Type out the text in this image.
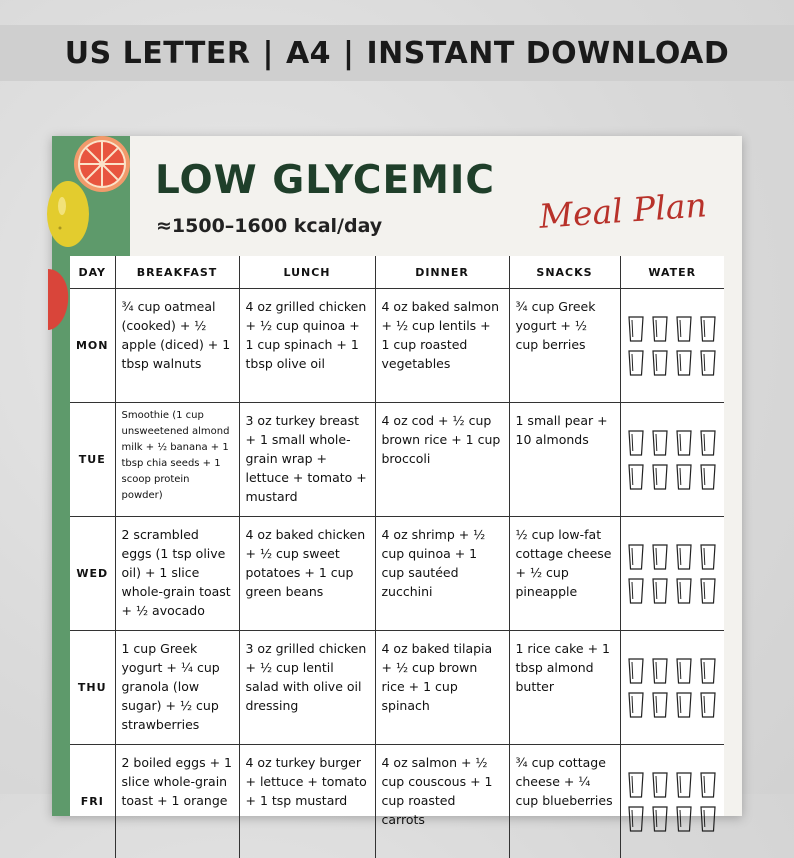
US LETTER | A4 | INSTANT DOWNLOAD
LOW GLYCEMIC
Meal Plan
≈1500–1600 kcal/day
DAY	BREAKFAST	LUNCH	DINNER	SNACKS	WATER
MON	¾ cup oatmeal (cooked) + ½ apple (diced) + 1 tbsp walnuts	4 oz grilled chicken + ½ cup quinoa + 1 cup spinach + 1 tbsp olive oil	4 oz baked salmon + ½ cup lentils + 1 cup roasted vegetables	¾ cup Greek yogurt + ½ cup berries	

TUE	Smoothie (1 cup unsweetened almond milk + ½ banana + 1 tbsp chia seeds + 1 scoop protein powder)	3 oz turkey breast + 1 small whole-grain wrap + lettuce + tomato + mustard	4 oz cod + ½ cup brown rice + 1 cup broccoli	1 small pear + 10 almonds	

WED	2 scrambled eggs (1 tsp olive oil) + 1 slice whole-grain toast + ½ avocado	4 oz baked chicken + ½ cup sweet potatoes + 1 cup green beans	4 oz shrimp + ½ cup quinoa + 1 cup sautéed zucchini	½ cup low-fat cottage cheese + ½ cup pineapple	

THU	1 cup Greek yogurt + ¼ cup granola (low sugar) + ½ cup strawberries	3 oz grilled chicken + ½ cup lentil salad with olive oil dressing	4 oz baked tilapia + ½ cup brown rice + 1 cup spinach	1 rice cake + 1 tbsp almond butter	

FRI	2 boiled eggs + 1 slice whole-grain toast + 1 orange	4 oz turkey burger + lettuce + tomato + 1 tsp mustard	4 oz salmon + ½ cup couscous + 1 cup roasted carrots	¾ cup cottage cheese + ¼ cup blueberries	
